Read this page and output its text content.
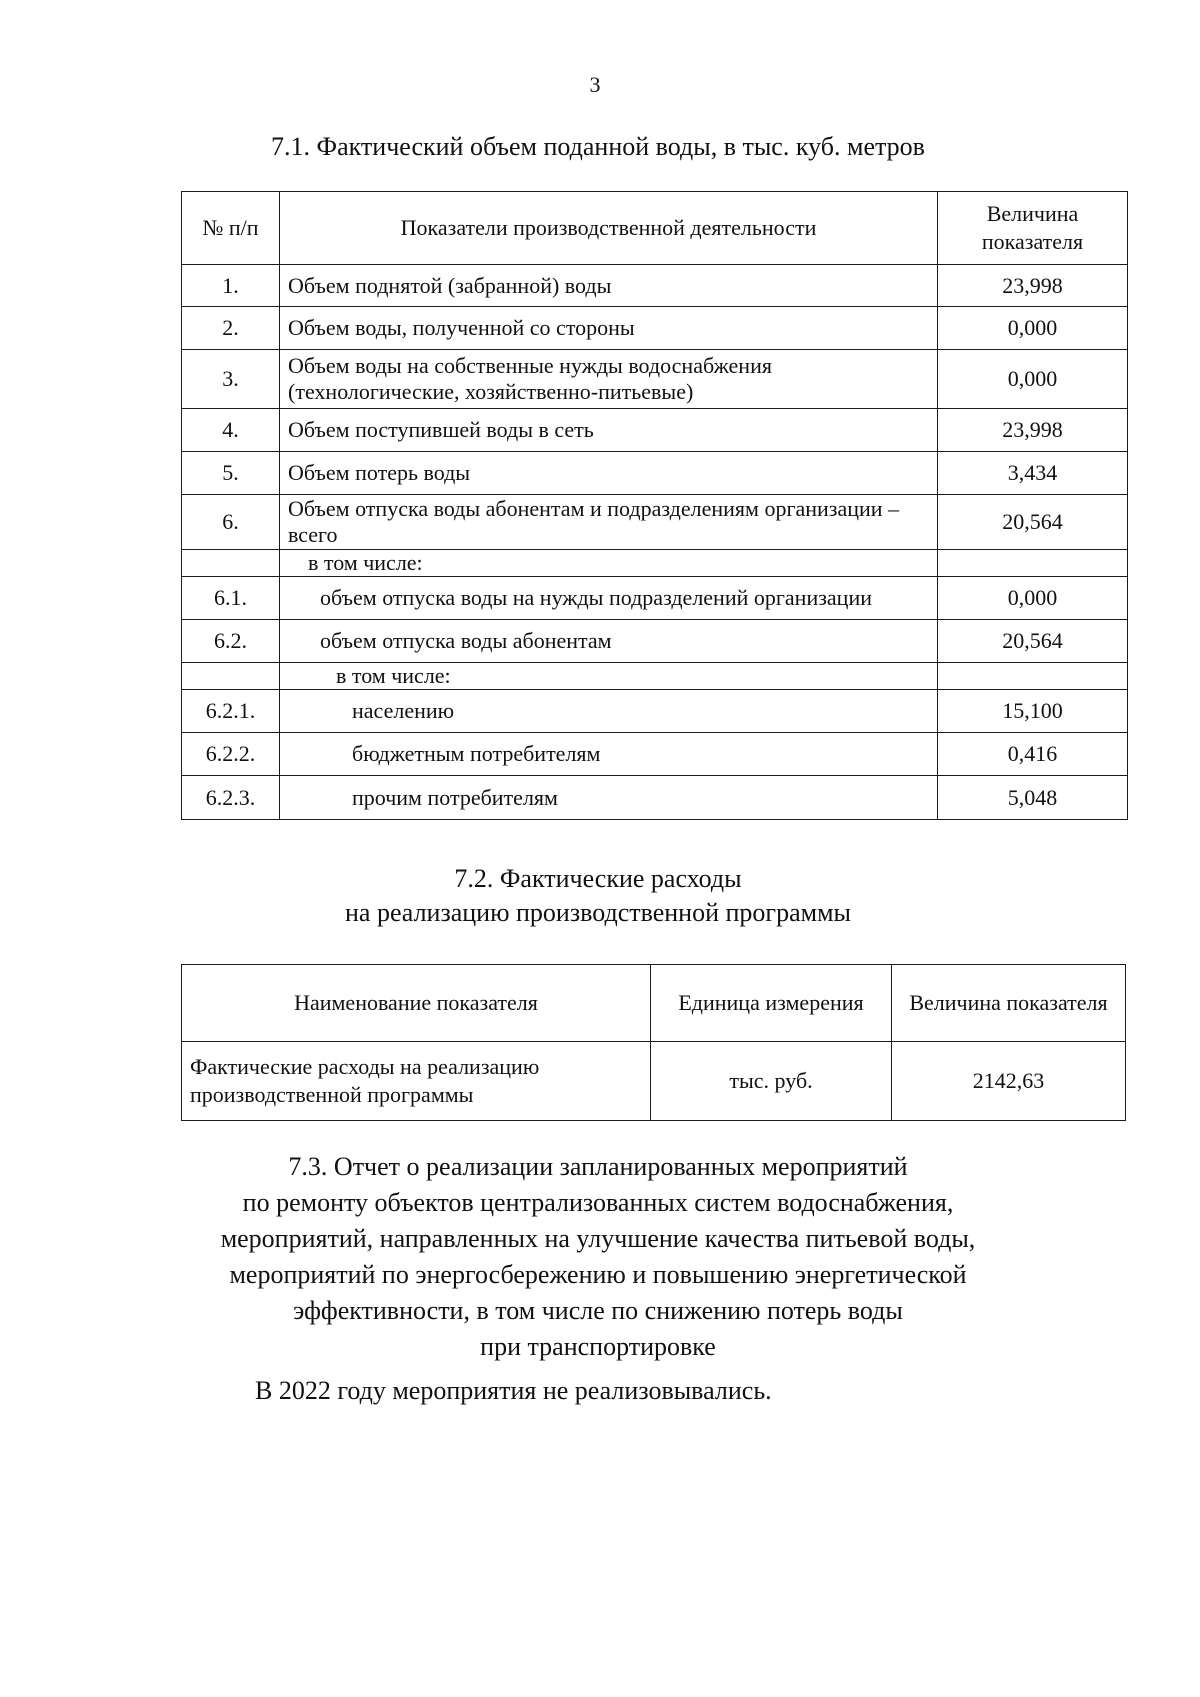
3
7.1. Фактический объем поданной воды, в тыс. куб. метров
№ п/п	Показатели производственной деятельности	Величина показателя
1.	Объем поднятой (забранной) воды	23,998
2.	Объем воды, полученной со стороны	0,000
3.	Объем воды на собственные нужды водоснабжения (технологические, хозяйственно-питьевые)	0,000
4.	Объем поступившей воды в сеть	23,998
5.	Объем потерь воды	3,434
6.	Объем отпуска воды абонентам и подразделениям организации – всего	20,564
	в том числе:	
6.1.	объем отпуска воды на нужды подразделений организации	0,000
6.2.	объем отпуска воды абонентам	20,564
	в том числе:	
6.2.1.	населению	15,100
6.2.2.	бюджетным потребителям	0,416
6.2.3.	прочим потребителям	5,048
7.2. Фактические расходы
на реализацию производственной программы
Наименование показателя	Единица измерения	Величина показателя
Фактические расходы на реализацию производственной программы	тыс. руб.	2142,63
7.3. Отчет о реализации запланированных мероприятий
по ремонту объектов централизованных систем водоснабжения,
мероприятий, направленных на улучшение качества питьевой воды,
мероприятий по энергосбережению и повышению энергетической
эффективности, в том числе по снижению потерь воды
при транспортировке
В 2022 году мероприятия не реализовывались.
